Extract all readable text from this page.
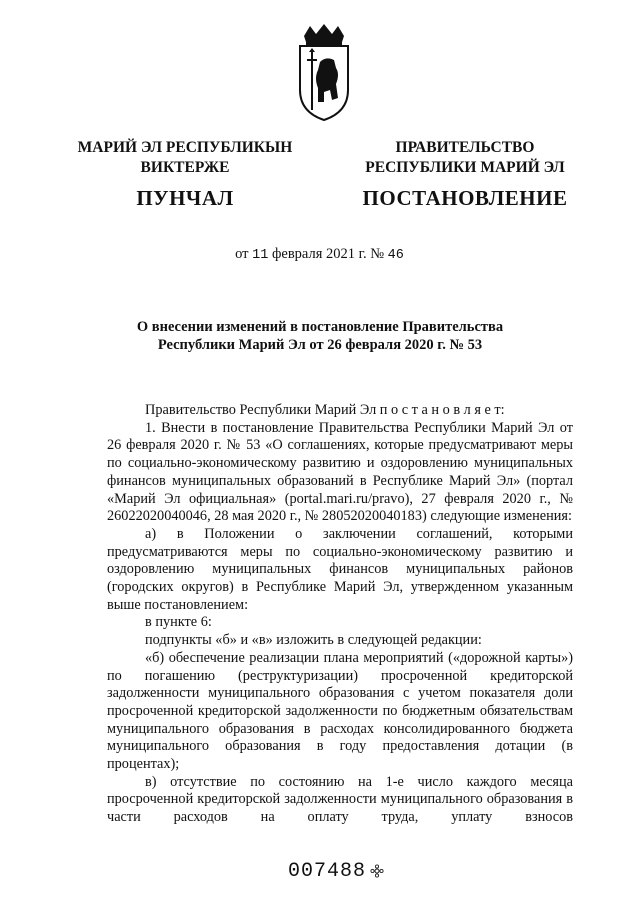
МАРИЙ ЭЛ РЕСПУБЛИКЫН
ВИКТЕРЖЕ
ПУНЧАЛ
ПРАВИТЕЛЬСТВО
РЕСПУБЛИКИ МАРИЙ ЭЛ
ПОСТАНОВЛЕНИЕ
от 11 февраля 2021 г. № 46
О внесении изменений в постановление Правительства
Республики Марий Эл от 26 февраля 2020 г. № 53

Правительство Республики Марий Эл п о с т а н о в л я е т:

1. Внести в постановление Правительства Республики Марий Эл от 26 февраля 2020 г. № 53 «О соглашениях, которые предусматривают меры по социально-экономическому развитию и оздоровлению муниципальных финансов муниципальных образований в Республике Марий Эл» (портал «Марий Эл официальная» (portal.mari.ru/pravo), 27 февраля 2020 г., № 26022020040046, 28 мая 2020 г., № 28052020040183) следующие изменения:

а) в Положении о заключении соглашений, которыми предусматриваются меры по социально-экономическому развитию и оздоровлению муниципальных финансов муниципальных районов (городских округов) в Республике Марий Эл, утвержденном указанным выше постановлением:

в пункте 6:

подпункты «б» и «в» изложить в следующей редакции:

«б) обеспечение реализации плана мероприятий («дорожной карты») по погашению (реструктуризации) просроченной кредиторской задолженности муниципального образования с учетом показателя доли просроченной кредиторской задолженности по бюджетным обязательствам муниципального образования в расходах консолидированного бюджета муниципального образования в году предоставления дотации (в процентах);

в) отсутствие по состоянию на 1-е число каждого месяца просроченной кредиторской задолженности муниципального образования в части расходов на оплату труда, уплату взносов

007488
